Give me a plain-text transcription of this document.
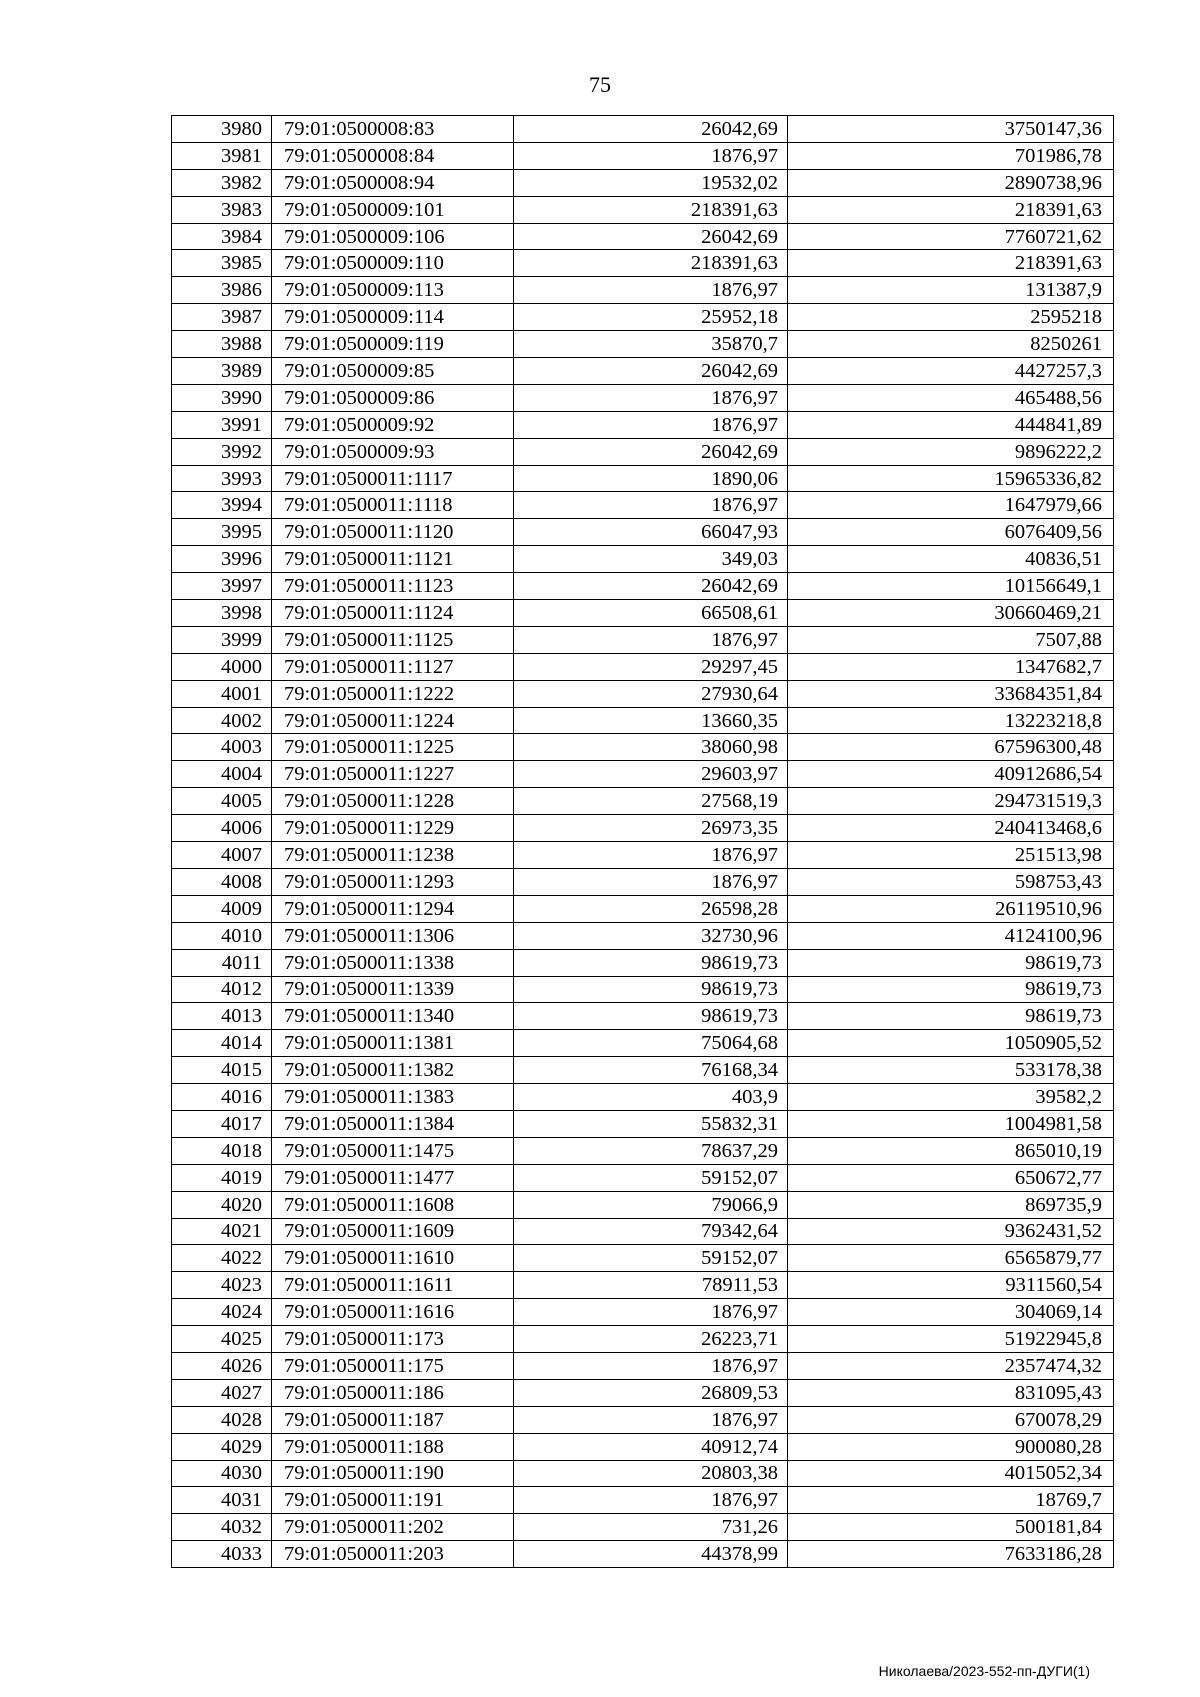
75
3980	79:01:0500008:83	26042,69	3750147,36
3981	79:01:0500008:84	1876,97	701986,78
3982	79:01:0500008:94	19532,02	2890738,96
3983	79:01:0500009:101	218391,63	218391,63
3984	79:01:0500009:106	26042,69	7760721,62
3985	79:01:0500009:110	218391,63	218391,63
3986	79:01:0500009:113	1876,97	131387,9
3987	79:01:0500009:114	25952,18	2595218
3988	79:01:0500009:119	35870,7	8250261
3989	79:01:0500009:85	26042,69	4427257,3
3990	79:01:0500009:86	1876,97	465488,56
3991	79:01:0500009:92	1876,97	444841,89
3992	79:01:0500009:93	26042,69	9896222,2
3993	79:01:0500011:1117	1890,06	15965336,82
3994	79:01:0500011:1118	1876,97	1647979,66
3995	79:01:0500011:1120	66047,93	6076409,56
3996	79:01:0500011:1121	349,03	40836,51
3997	79:01:0500011:1123	26042,69	10156649,1
3998	79:01:0500011:1124	66508,61	30660469,21
3999	79:01:0500011:1125	1876,97	7507,88
4000	79:01:0500011:1127	29297,45	1347682,7
4001	79:01:0500011:1222	27930,64	33684351,84
4002	79:01:0500011:1224	13660,35	13223218,8
4003	79:01:0500011:1225	38060,98	67596300,48
4004	79:01:0500011:1227	29603,97	40912686,54
4005	79:01:0500011:1228	27568,19	294731519,3
4006	79:01:0500011:1229	26973,35	240413468,6
4007	79:01:0500011:1238	1876,97	251513,98
4008	79:01:0500011:1293	1876,97	598753,43
4009	79:01:0500011:1294	26598,28	26119510,96
4010	79:01:0500011:1306	32730,96	4124100,96
4011	79:01:0500011:1338	98619,73	98619,73
4012	79:01:0500011:1339	98619,73	98619,73
4013	79:01:0500011:1340	98619,73	98619,73
4014	79:01:0500011:1381	75064,68	1050905,52
4015	79:01:0500011:1382	76168,34	533178,38
4016	79:01:0500011:1383	403,9	39582,2
4017	79:01:0500011:1384	55832,31	1004981,58
4018	79:01:0500011:1475	78637,29	865010,19
4019	79:01:0500011:1477	59152,07	650672,77
4020	79:01:0500011:1608	79066,9	869735,9
4021	79:01:0500011:1609	79342,64	9362431,52
4022	79:01:0500011:1610	59152,07	6565879,77
4023	79:01:0500011:1611	78911,53	9311560,54
4024	79:01:0500011:1616	1876,97	304069,14
4025	79:01:0500011:173	26223,71	51922945,8
4026	79:01:0500011:175	1876,97	2357474,32
4027	79:01:0500011:186	26809,53	831095,43
4028	79:01:0500011:187	1876,97	670078,29
4029	79:01:0500011:188	40912,74	900080,28
4030	79:01:0500011:190	20803,38	4015052,34
4031	79:01:0500011:191	1876,97	18769,7
4032	79:01:0500011:202	731,26	500181,84
4033	79:01:0500011:203	44378,99	7633186,28
Николаева/2023-552-пп-ДУГИ(1)
